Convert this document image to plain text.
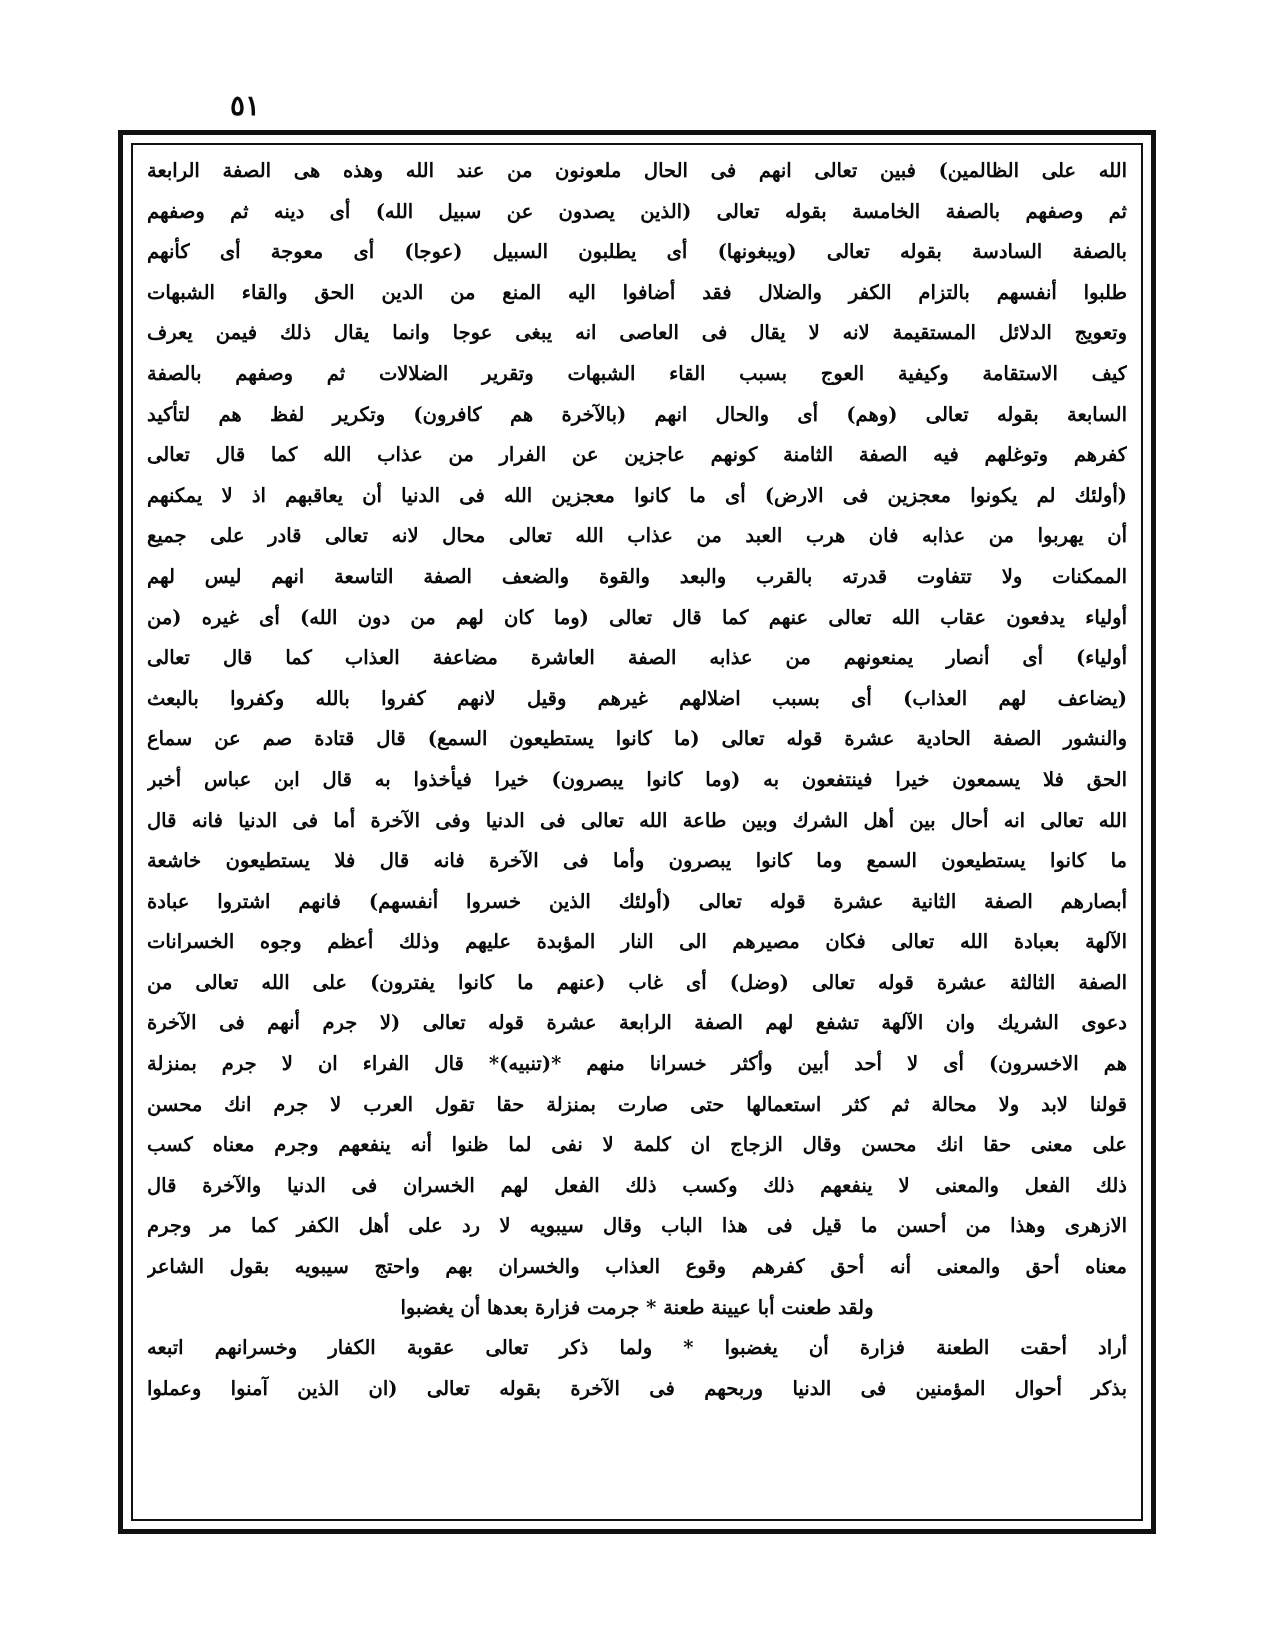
٥١
الله على الظالمين) فبين تعالى انهم فى الحال ملعونون من عند الله وهذه هى الصفة الرابعة
ثم وصفهم بالصفة الخامسة بقوله تعالى (الذين يصدون عن سبيل الله) أى دينه ثم وصفهم
بالصفة السادسة بقوله تعالى (ويبغونها) أى يطلبون السبيل (عوجا) أى معوجة أى كأنهم
طلبوا أنفسهم بالتزام الكفر والضلال فقد أضافوا اليه المنع من الدين الحق والقاء الشبهات
وتعويج الدلائل المستقيمة لانه لا يقال فى العاصى انه يبغى عوجا وانما يقال ذلك فيمن يعرف
كيف الاستقامة وكيفية العوج بسبب القاء الشبهات وتقرير الضلالات ثم وصفهم بالصفة
السابعة بقوله تعالى (وهم) أى والحال انهم (بالآخرة هم كافرون) وتكرير لفظ هم لتأكيد
كفرهم وتوغلهم فيه الصفة الثامنة كونهم عاجزين عن الفرار من عذاب الله كما قال تعالى
(أولئك لم يكونوا معجزين فى الارض) أى ما كانوا معجزين الله فى الدنيا أن يعاقبهم اذ لا يمكنهم
أن يهربوا من عذابه فان هرب العبد من عذاب الله تعالى محال لانه تعالى قادر على جميع
الممكنات ولا تتفاوت قدرته بالقرب والبعد والقوة والضعف الصفة التاسعة انهم ليس لهم
أولياء يدفعون عقاب الله تعالى عنهم كما قال تعالى (وما كان لهم من دون الله) أى غيره (من
أولياء) أى أنصار يمنعونهم من عذابه الصفة العاشرة مضاعفة العذاب كما قال تعالى
(يضاعف لهم العذاب) أى بسبب اضلالهم غيرهم وقيل لانهم كفروا بالله وكفروا بالبعث
والنشور الصفة الحادية عشرة قوله تعالى (ما كانوا يستطيعون السمع) قال قتادة صم عن سماع
الحق فلا يسمعون خيرا فينتفعون به (وما كانوا يبصرون) خيرا فيأخذوا به قال ابن عباس أخبر
الله تعالى انه أحال بين أهل الشرك وبين طاعة الله تعالى فى الدنيا وفى الآخرة أما فى الدنيا فانه قال
ما كانوا يستطيعون السمع وما كانوا يبصرون وأما فى الآخرة فانه قال فلا يستطيعون خاشعة
أبصارهم الصفة الثانية عشرة قوله تعالى (أولئك الذين خسروا أنفسهم) فانهم اشتروا عبادة
الآلهة بعبادة الله تعالى فكان مصيرهم الى النار المؤبدة عليهم وذلك أعظم وجوه الخسرانات
الصفة الثالثة عشرة قوله تعالى (وضل) أى غاب (عنهم ما كانوا يفترون) على الله تعالى من
دعوى الشريك وان الآلهة تشفع لهم الصفة الرابعة عشرة قوله تعالى (لا جرم أنهم فى الآخرة
هم الاخسرون) أى لا أحد أبين وأكثر خسرانا منهم *(تنبيه)* قال الفراء ان لا جرم بمنزلة
قولنا لابد ولا محالة ثم كثر استعمالها حتى صارت بمنزلة حقا تقول العرب لا جرم انك محسن
على معنى حقا انك محسن وقال الزجاج ان كلمة لا نفى لما ظنوا أنه ينفعهم وجرم معناه كسب
ذلك الفعل والمعنى لا ينفعهم ذلك وكسب ذلك الفعل لهم الخسران فى الدنيا والآخرة قال
الازهرى وهذا من أحسن ما قيل فى هذا الباب وقال سيبويه لا رد على أهل الكفر كما مر وجرم
معناه أحق والمعنى أنه أحق كفرهم وقوع العذاب والخسران بهم واحتج سيبويه بقول الشاعر
ولقد طعنت أبا عيينة طعنة * جرمت فزارة بعدها أن يغضبوا
أراد أحقت الطعنة فزارة أن يغضبوا * ولما ذكر تعالى عقوبة الكفار وخسرانهم اتبعه
بذكر أحوال المؤمنين فى الدنيا وربحهم فى الآخرة بقوله تعالى (ان الذين آمنوا وعملوا
